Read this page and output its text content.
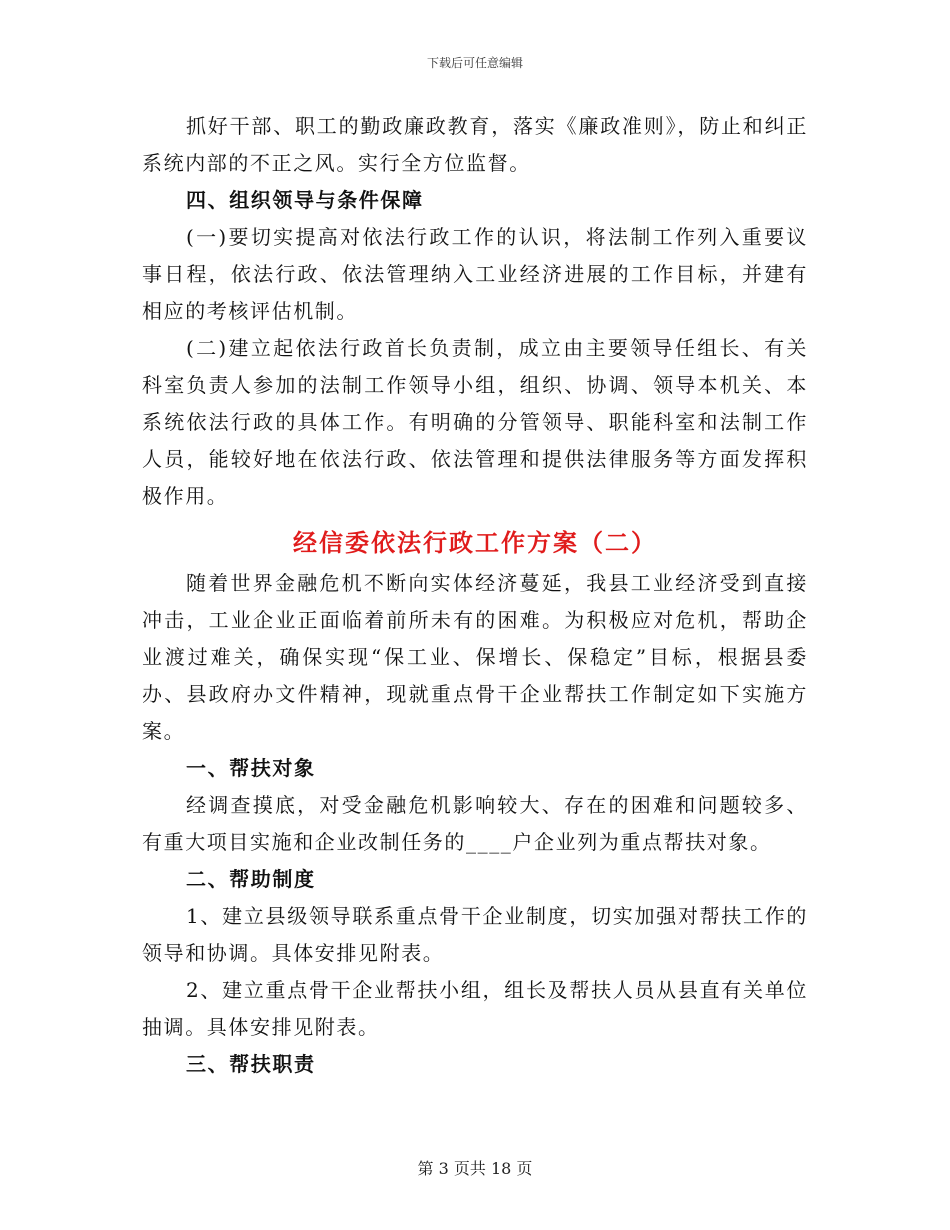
下载后可任意编辑

抓好干部、职工的勤政廉政教育，落实《廉政准则》，防止和纠正系统内部的不正之风。实行全方位监督。

四、组织领导与条件保障

(一)要切实提高对依法行政工作的认识，将法制工作列入重要议事日程，依法行政、依法管理纳入工业经济进展的工作目标，并建有相应的考核评估机制。

(二)建立起依法行政首长负责制，成立由主要领导任组长、有关科室负责人参加的法制工作领导小组，组织、协调、领导本机关、本系统依法行政的具体工作。有明确的分管领导、职能科室和法制工作人员，能较好地在依法行政、依法管理和提供法律服务等方面发挥积极作用。

经信委依法行政工作方案（二）

随着世界金融危机不断向实体经济蔓延，我县工业经济受到直接冲击，工业企业正面临着前所未有的困难。为积极应对危机，帮助企业渡过难关，确保实现“保工业、保增长、保稳定”目标，根据县委办、县政府办文件精神，现就重点骨干企业帮扶工作制定如下实施方案。

一、帮扶对象

经调查摸底，对受金融危机影响较大、存在的困难和问题较多、有重大项目实施和企业改制任务的____户企业列为重点帮扶对象。

二、帮助制度

1、建立县级领导联系重点骨干企业制度，切实加强对帮扶工作的领导和协调。具体安排见附表。

2、建立重点骨干企业帮扶小组，组长及帮扶人员从县直有关单位抽调。具体安排见附表。

三、帮扶职责

第 3 页共 18 页
